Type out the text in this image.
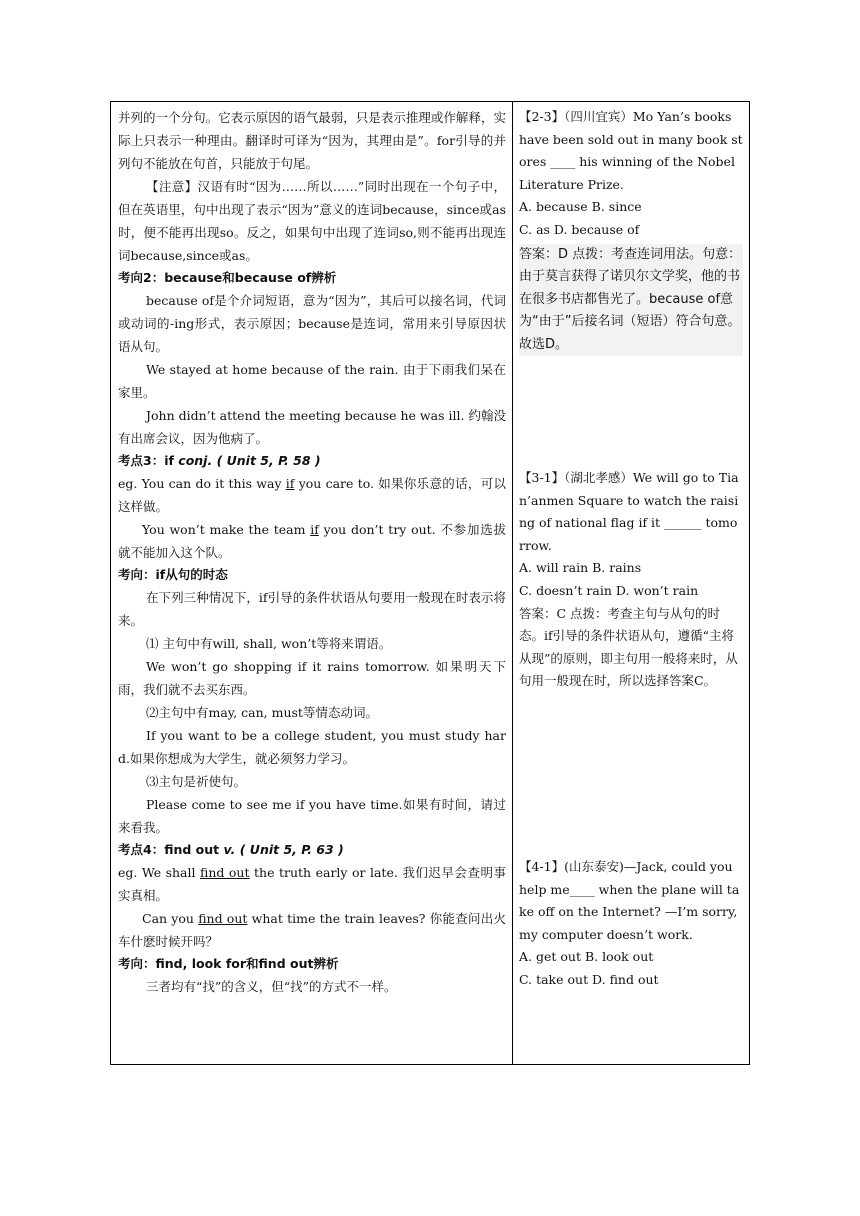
并列的一个分句。它表示原因的语气最弱，只是表示推理或作解释，实际上只表示一种理由。翻译时可译为“因为，其理由是”。for引导的并列句不能放在句首，只能放于句尾。

【注意】汉语有时“因为……所以……”同时出现在一个句子中，但在英语里，句中出现了表示“因为”意义的连词because，since或as时，便不能再出现so。反之，如果句中出现了连词so,则不能再出现连词because,since或as。

考向2：because和because of辨析

because of是个介词短语，意为“因为”，其后可以接名词，代词或动词的-ing形式，表示原因；because是连词，常用来引导原因状语从句。

We stayed at home because of the rain. 由于下雨我们呆在家里。

John didn’t attend the meeting because he was ill. 约翰没有出席会议，因为他病了。

考点3：if conj. ( Unit 5, P. 58 )

eg. You can do it this way if you care to. 如果你乐意的话，可以这样做。

You won’t make the team if you don’t try out. 不参加选拔就不能加入这个队。

考向：if从句的时态

在下列三种情况下，if引导的条件状语从句要用一般现在时表示将来。

⑴ 主句中有will, shall, won’t等将来谓语。

We won’t go shopping if it rains tomorrow. 如果明天下雨，我们就不去买东西。

⑵主句中有may, can, must等情态动词。

If you want to be a college student, you must study hard.如果你想成为大学生，就必须努力学习。

⑶主句是祈使句。

Please come to see me if you have time.如果有时间，请过来看我。

考点4：find out v. ( Unit 5, P. 63 )

eg. We shall find out the truth early or late. 我们迟早会查明事实真相。

Can you find out what time the train leaves? 你能查问出火车什麽时候开吗？

考向：find, look for和find out辨析

三者均有“找”的含义，但“找”的方式不一样。

【2-3】（四川宜宾）Mo Yan’s books have been sold out in many book stores ____ his winning of the Nobel Literature Prize.

A. because B. since

C. as D. because of

答案：D 点拨：考查连词用法。句意：由于莫言获得了诺贝尔文学奖，他的书在很多书店都售光了。because of意为“由于”后接名词（短语）符合句意。故选D。

【3-1】（湖北孝感）We will go to Tian’anmen Square to watch the raising of national flag if it ______ tomorrow.

A. will rain B. rains

C. doesn’t rain D. won’t rain

答案：C 点拨：考查主句与从句的时态。if引导的条件状语从句，遵循“主将从现”的原则，即主句用一般将来时，从句用一般现在时，所以选择答案C。

【4-1】(山东泰安)—Jack, could you help me____ when the plane will take off on the Internet? —I’m sorry, my computer doesn’t work.

A. get out B. look out

C. take out D. find out
